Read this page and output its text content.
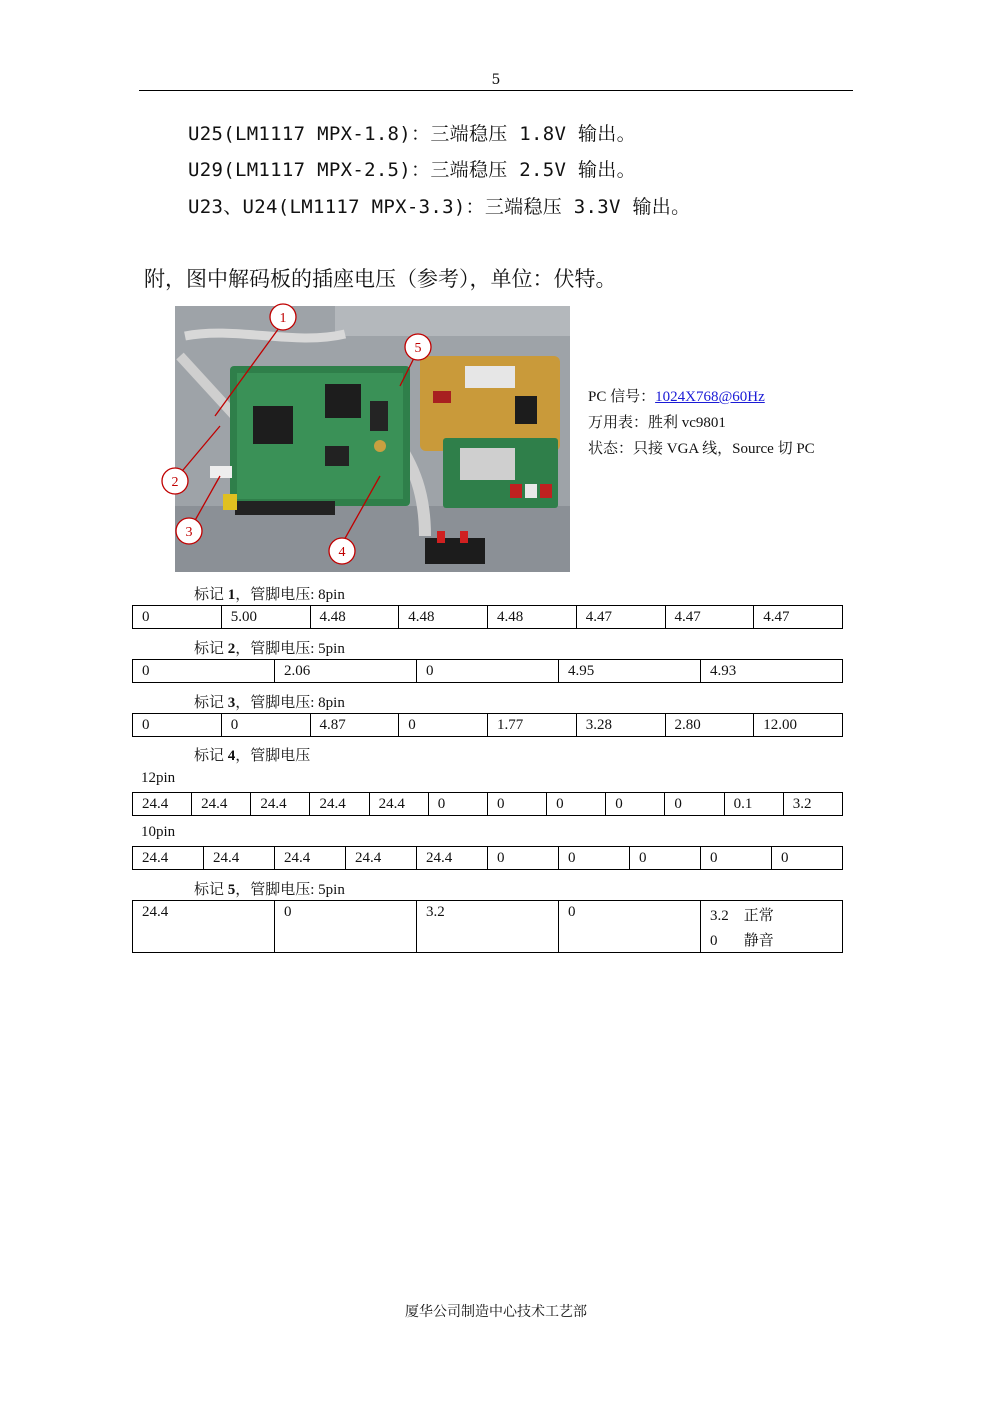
5
U25(LM1117 MPX-1.8)：三端稳压 1.8V 输出。
U29(LM1117 MPX-2.5)：三端稳压 2.5V 输出。
U23、U24(LM1117 MPX-3.3)：三端稳压 3.3V 输出。
附，图中解码板的插座电压（参考），单位：伏特。
1
5
2
3
4
PC 信号：1024X768@60Hz
万用表：胜利 vc9801
状态：只接 VGA 线，Source 切 PC
标记 1，管脚电压: 8pin
0	5.00	4.48	4.48	4.48	4.47	4.47	4.47
标记 2，管脚电压: 5pin
0	2.06	0	4.95	4.93
标记 3，管脚电压: 8pin
0	0	4.87	0	1.77	3.28	2.80	12.00
标记 4，管脚电压
12pin
24.4	24.4	24.4	24.4	24.4	0	0	0	0	0	0.1	3.2
10pin
24.4	24.4	24.4	24.4	24.4	0	0	0	0	0
标记 5，管脚电压: 5pin
24.4	0	3.2	0	3.2    正常
0       静音
厦华公司制造中心技术工艺部
